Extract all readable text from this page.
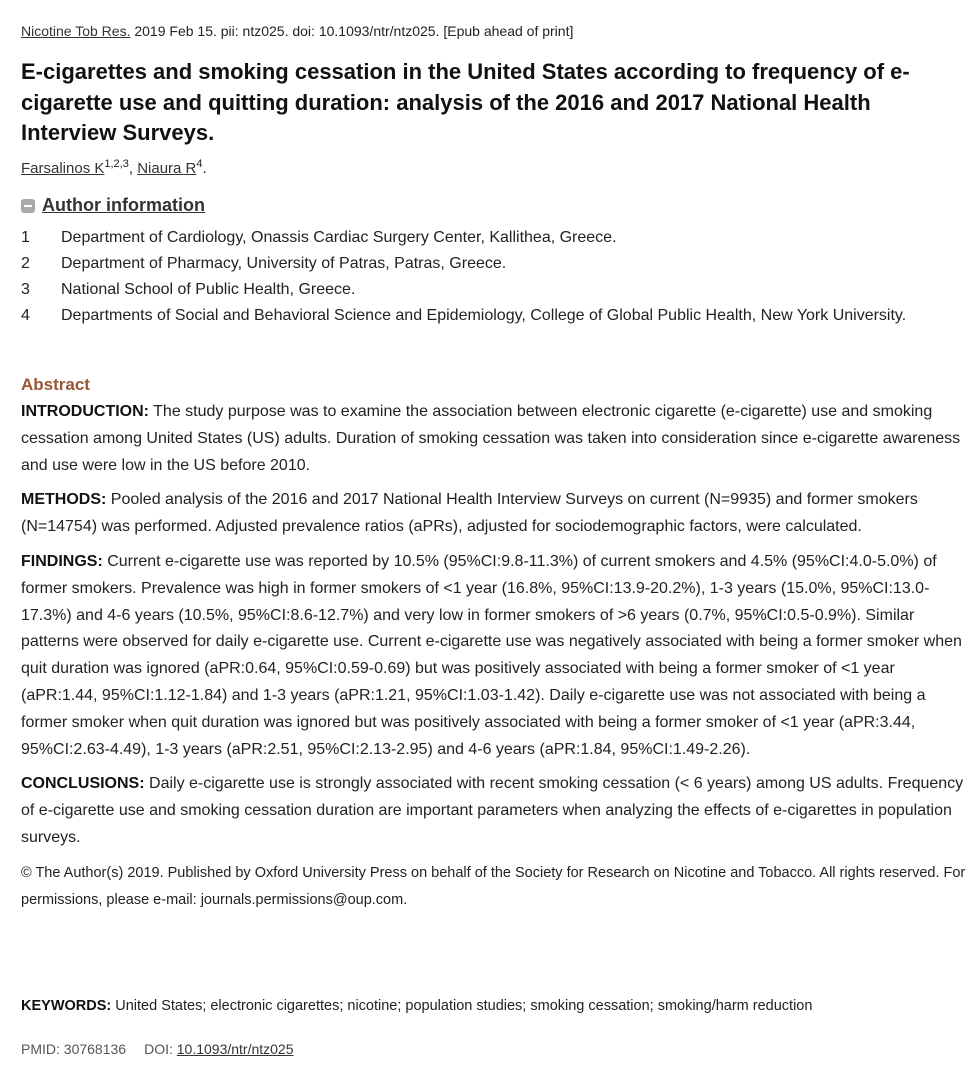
Nicotine Tob Res. 2019 Feb 15. pii: ntz025. doi: 10.1093/ntr/ntz025. [Epub ahead of print]
E-cigarettes and smoking cessation in the United States according to frequency of e-cigarette use and quitting duration: analysis of the 2016 and 2017 National Health Interview Surveys.
Farsalinos K$^{1,2,3}$, Niaura $R^4$.
Author information
1	Department of Cardiology, Onassis Cardiac Surgery Center, Kallithea, Greece.
2	Department of Pharmacy, University of Patras, Patras, Greece.
3	National School of Public Health, Greece.
4	Departments of Social and Behavioral Science and Epidemiology, College of Global Public Health, New York University.
Abstract

INTRODUCTION: The study purpose was to examine the association between electronic cigarette (e-cigarette) use and smoking cessation among United States (US) adults. Duration of smoking cessation was taken into consideration since e-cigarette awareness and use were low in the US before 2010.

METHODS: Pooled analysis of the 2016 and 2017 National Health Interview Surveys on current (N=9935) and former smokers (N=14754) was performed. Adjusted prevalence ratios (aPRs), adjusted for sociodemographic factors, were calculated.

FINDINGS: Current e-cigarette use was reported by 10.5% (95%CI:9.8-11.3%) of current smokers and 4.5% (95%CI:4.0-5.0%) of former smokers. Prevalence was high in former smokers of <1 year (16.8%, 95%CI:13.9-20.2%), 1-3 years (15.0%, 95%CI:13.0-17.3%) and 4-6 years (10.5%, 95%CI:8.6-12.7%) and very low in former smokers of >6 years (0.7%, 95%CI:0.5-0.9%). Similar patterns were observed for daily e-cigarette use. Current e-cigarette use was negatively associated with being a former smoker when quit duration was ignored (aPR:0.64, 95%CI:0.59-0.69) but was positively associated with being a former smoker of <1 year (aPR:1.44, 95%CI:1.12-1.84) and 1-3 years (aPR:1.21, 95%CI:1.03-1.42). Daily e-cigarette use was not associated with being a former smoker when quit duration was ignored but was positively associated with being a former smoker of <1 year (aPR:3.44, 95%CI:2.63-4.49), 1-3 years (aPR:2.51, 95%CI:2.13-2.95) and 4-6 years (aPR:1.84, 95%CI:1.49-2.26).

CONCLUSIONS: Daily e-cigarette use is strongly associated with recent smoking cessation (< 6 years) among US adults. Frequency of e-cigarette use and smoking cessation duration are important parameters when analyzing the effects of e-cigarettes in population surveys.

© The Author(s) 2019. Published by Oxford University Press on behalf of the Society for Research on Nicotine and Tobacco. All rights reserved. For permissions, please e-mail: journals.permissions@oup.com.

KEYWORDS: United States; electronic cigarettes; nicotine; population studies; smoking cessation; smoking/harm reduction
PMID: 30768136 DOI: 10.1093/ntr/ntz025
